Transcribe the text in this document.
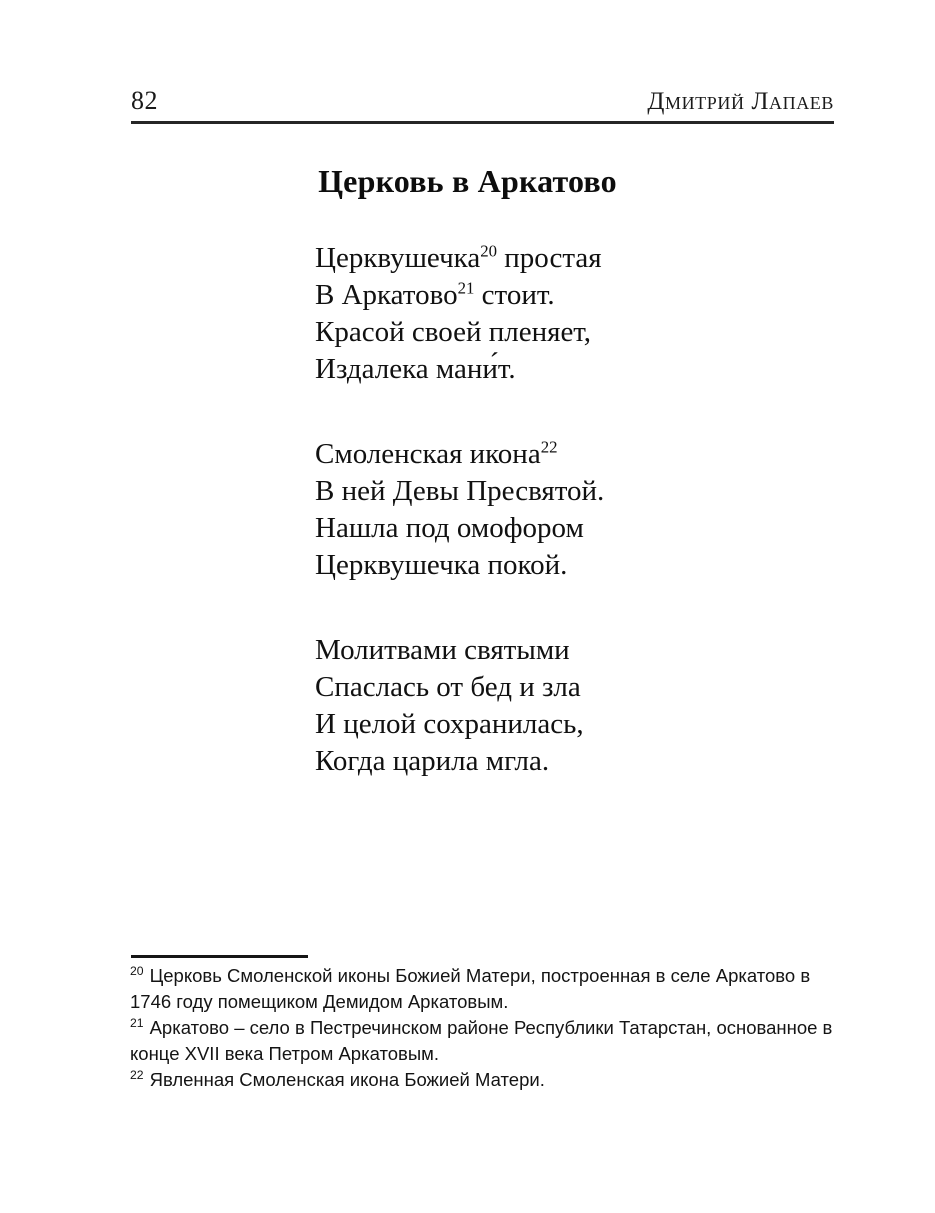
82	Дмитрий Лапаев
Церковь в Аркатово
Церквушечка$^{20}$ простая
В Аркатово$^{21}$ стоит.
Красой своей пленяет,
Издалека мани́т.
Смоленская икона$^{22}$
В ней Девы Пресвятой.
Нашла под омофором
Церквушечка покой.
Молитвами святыми
Спаслась от бед и зла
И целой сохранилась,
Когда царила мгла.

$^{20}$ Церковь Смоленской иконы Божией Матери, построенная в селе Аркатово в 1746 году помещиком Демидом Аркатовым.

$^{21}$ Аркатово – село в Пестречинском районе Республики Татарстан, основанное в конце XVII века Петром Аркатовым.

$^{22}$ Явленная Смоленская икона Божией Матери.
